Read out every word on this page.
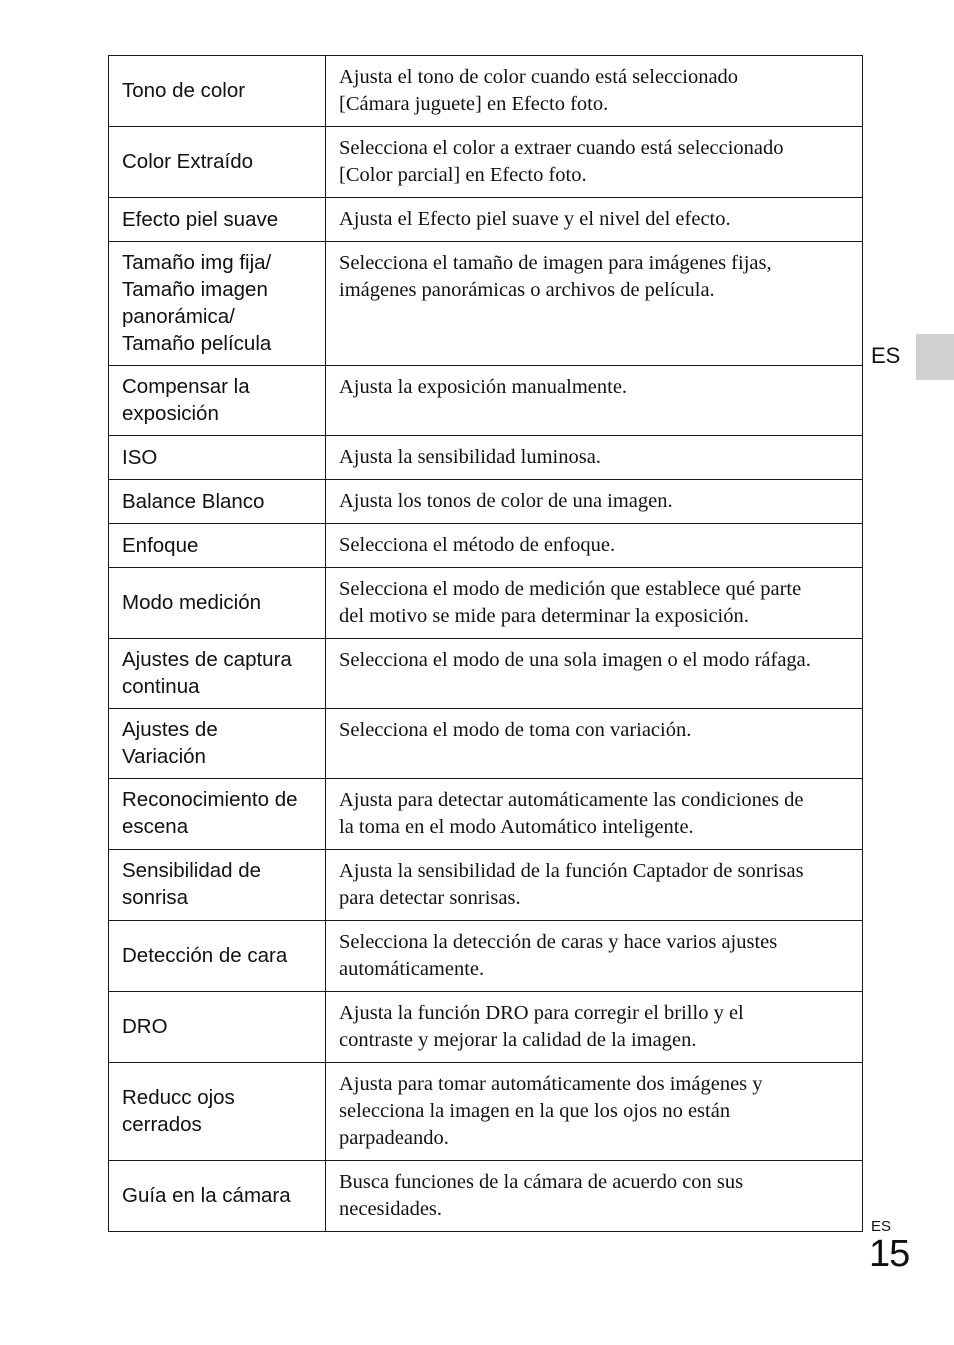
Tono de color	Ajusta el tono de color cuando está seleccionado
[Cámara juguete] en Efecto foto.
Color Extraído	Selecciona el color a extraer cuando está seleccionado
[Color parcial] en Efecto foto.
Efecto piel suave	Ajusta el Efecto piel suave y el nivel del efecto.
Tamaño img fija/
Tamaño imagen
panorámica/
Tamaño película	Selecciona el tamaño de imagen para imágenes fijas,
imágenes panorámicas o archivos de película.
Compensar la
exposición	Ajusta la exposición manualmente.
ISO	Ajusta la sensibilidad luminosa.
Balance Blanco	Ajusta los tonos de color de una imagen.
Enfoque	Selecciona el método de enfoque.
Modo medición	Selecciona el modo de medición que establece qué parte
del motivo se mide para determinar la exposición.
Ajustes de captura
continua	Selecciona el modo de una sola imagen o el modo ráfaga.
Ajustes de
Variación	Selecciona el modo de toma con variación.
Reconocimiento de
escena	Ajusta para detectar automáticamente las condiciones de
la toma en el modo Automático inteligente.
Sensibilidad de
sonrisa	Ajusta la sensibilidad de la función Captador de sonrisas
para detectar sonrisas.
Detección de cara	Selecciona la detección de caras y hace varios ajustes
automáticamente.
DRO	Ajusta la función DRO para corregir el brillo y el
contraste y mejorar la calidad de la imagen.
Reducc ojos
cerrados	Ajusta para tomar automáticamente dos imágenes y
selecciona la imagen en la que los ojos no están
parpadeando.
Guía en la cámara	Busca funciones de la cámara de acuerdo con sus
necesidades.
ES
ES
15
